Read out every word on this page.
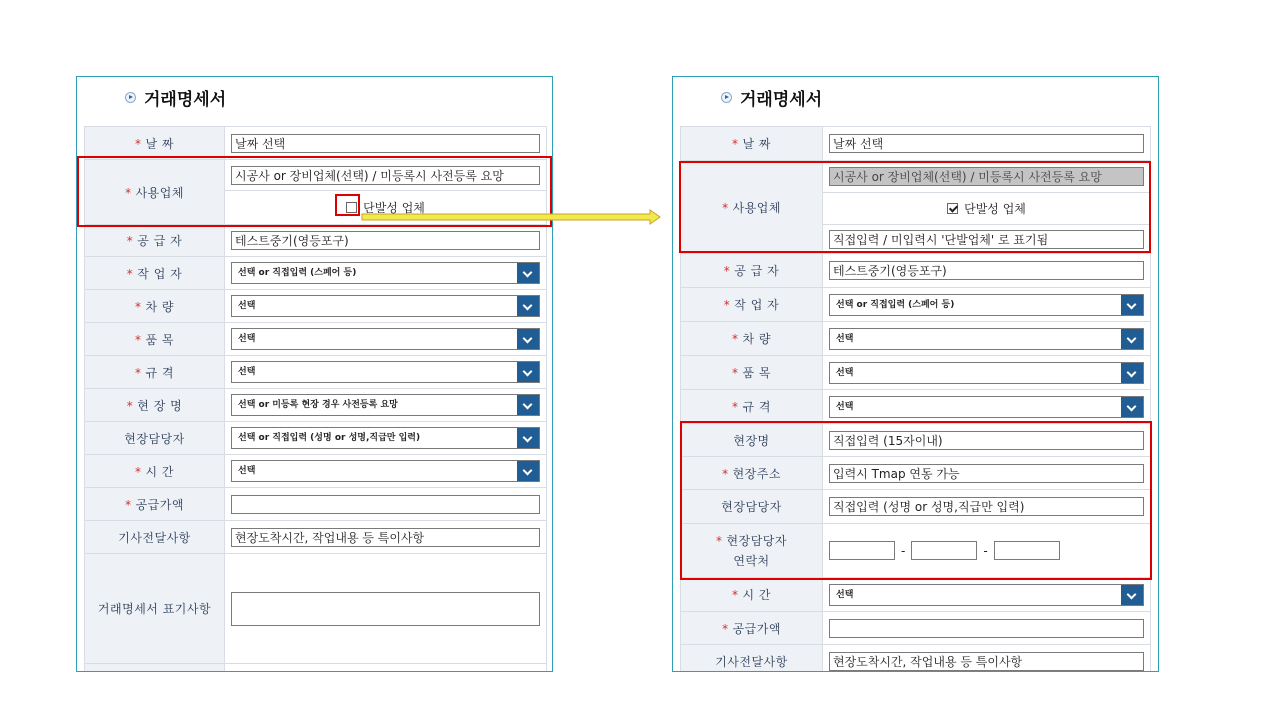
거래명세서
* 날 짜	날짜 선택

* 사용업체	시공사 or 장비업체(선택) / 미등록시 사전등록 요망

	단발성 업체

* 공 급 자	테스트중기(영등포구)

* 작 업 자	선택 or 직접입력 (스페어 등)

* 차 량	선택

* 품 목	선택

* 규 격	선택

* 현 장 명	선택 or 미등록 현장 경우 사전등록 요망

현장담당자	선택 or 직접입력 (성명 or 성명,직급만 입력)

* 시 간	선택

* 공급가액	

기사전달사항	현장도착시간, 작업내용 등 특이사항

거래명세서 표기사항	

거래명세서
* 날 짜	날짜 선택

* 사용업체	시공사 or 장비업체(선택) / 미등록시 사전등록 요망

	단발성 업체

	직접입력 / 미입력시 '단발업체' 로 표기됨

* 공 급 자	테스트중기(영등포구)

* 작 업 자	선택 or 직접입력 (스페어 등)

* 차 량	선택

* 품 목	선택

* 규 격	선택

현장명	직접입력 (15자이내)

* 현장주소	입력시 Tmap 연동 가능

현장담당자	직접입력 (성명 or 성명,직급만 입력)

* 현장담당자
연락처	- -

* 시 간	선택

* 공급가액	

기사전달사항	현장도착시간, 작업내용 등 특이사항
